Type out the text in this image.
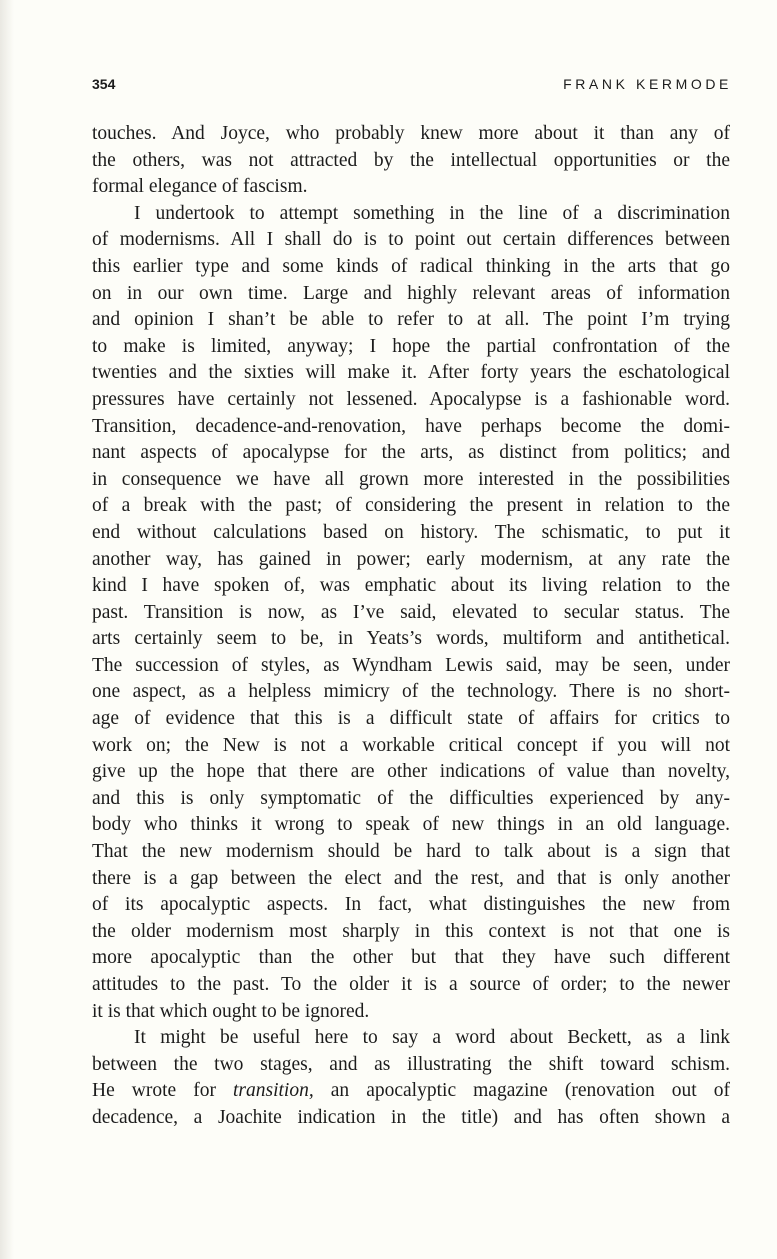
354	FRANK KERMODE
touches. And Joyce, who probably knew more about it than any of
the others, was not attracted by the intellectual opportunities or the
formal elegance of fascism.
I undertook to attempt something in the line of a discrimination
of modernisms. All I shall do is to point out certain differences between
this earlier type and some kinds of radical thinking in the arts that go
on in our own time. Large and highly relevant areas of information
and opinion I shan’t be able to refer to at all. The point I’m trying
to make is limited, anyway; I hope the partial confrontation of the
twenties and the sixties will make it. After forty years the eschatological
pressures have certainly not lessened. Apocalypse is a fashionable word.
Transition, decadence-and-renovation, have perhaps become the domi-
nant aspects of apocalypse for the arts, as distinct from politics; and
in consequence we have all grown more interested in the possibilities
of a break with the past; of considering the present in relation to the
end without calculations based on history. The schismatic, to put it
another way, has gained in power; early modernism, at any rate the
kind I have spoken of, was emphatic about its living relation to the
past. Transition is now, as I’ve said, elevated to secular status. The
arts certainly seem to be, in Yeats’s words, multiform and antithetical.
The succession of styles, as Wyndham Lewis said, may be seen, under
one aspect, as a helpless mimicry of the technology. There is no short-
age of evidence that this is a difficult state of affairs for critics to
work on; the New is not a workable critical concept if you will not
give up the hope that there are other indications of value than novelty,
and this is only symptomatic of the difficulties experienced by any-
body who thinks it wrong to speak of new things in an old language.
That the new modernism should be hard to talk about is a sign that
there is a gap between the elect and the rest, and that is only another
of its apocalyptic aspects. In fact, what distinguishes the new from
the older modernism most sharply in this context is not that one is
more apocalyptic than the other but that they have such different
attitudes to the past. To the older it is a source of order; to the newer
it is that which ought to be ignored.
It might be useful here to say a word about Beckett, as a link
between the two stages, and as illustrating the shift toward schism.
He wrote for transition, an apocalyptic magazine (renovation out of
decadence, a Joachite indication in the title) and has often shown a
